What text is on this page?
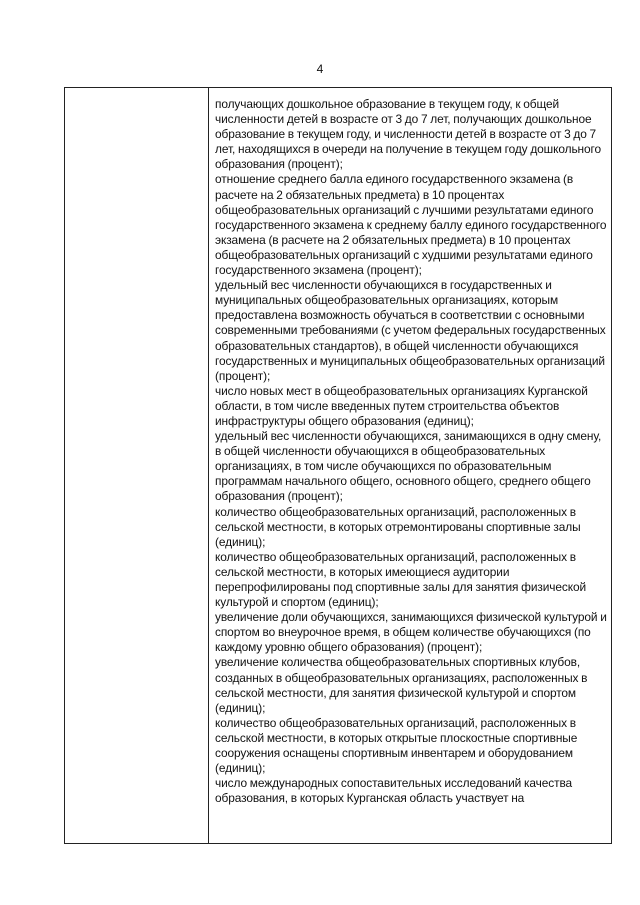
4

получающих дошкольное образование в текущем году, к общей численности детей в возрасте от 3 до 7 лет, получающих дошкольное образование в текущем году, и численности детей в возрасте от 3 до 7 лет, находящихся в очереди на получение в текущем году дошкольного образования (процент);

отношение среднего балла единого государственного экзамена (в расчете на 2 обязательных предмета) в 10 процентах общеобразовательных организаций с лучшими результатами единого государственного экзамена к среднему баллу единого государственного экзамена (в расчете на 2 обязательных предмета) в 10 процентах общеобразовательных организаций с худшими результатами единого государственного экзамена (процент);

удельный вес численности обучающихся в государственных и муниципальных общеобразовательных организациях, которым предоставлена возможность обучаться в соответствии с основными современными требованиями (с учетом федеральных государственных образовательных стандартов), в общей численности обучающихся государственных и муниципальных общеобразовательных организаций (процент);

число новых мест в общеобразовательных организациях Курганской области, в том числе введенных путем строительства объектов инфраструктуры общего образования (единиц);

удельный вес численности обучающихся, занимающихся в одну смену, в общей численности обучающихся в общеобразовательных организациях, в том числе обучающихся по образовательным программам начального общего, основного общего, среднего общего образования (процент);

количество общеобразовательных организаций, расположенных в сельской местности, в которых отремонтированы спортивные залы (единиц);

количество общеобразовательных организаций, расположенных в сельской местности, в которых имеющиеся аудитории перепрофилированы под спортивные залы для занятия физической культурой и спортом (единиц);

увеличение доли обучающихся, занимающихся физической культурой и спортом во внеурочное время, в общем количестве обучающихся (по каждому уровню общего образования) (процент);

увеличение количества общеобразовательных спортивных клубов, созданных в общеобразовательных организациях, расположенных в сельской местности, для занятия физической культурой и спортом (единиц);

количество общеобразовательных организаций, расположенных в сельской местности, в которых открытые плоскостные спортивные сооружения оснащены спортивным инвентарем и оборудованием (единиц);

число международных сопоставительных исследований качества образования, в которых Курганская область участвует на
